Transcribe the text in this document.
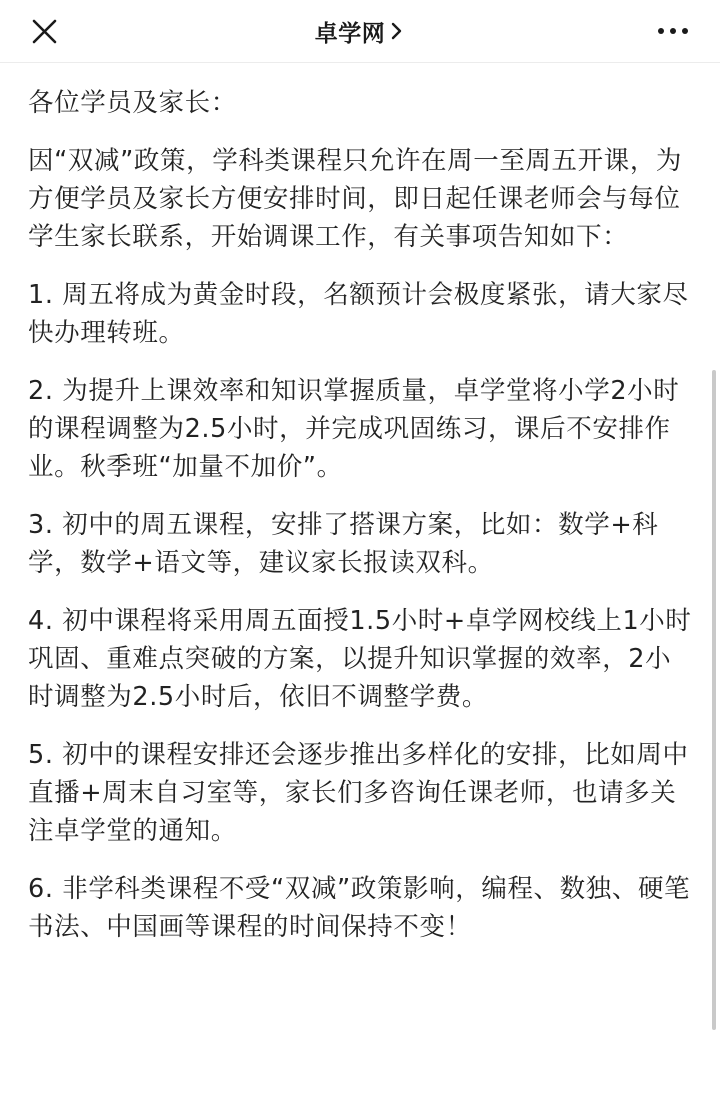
卓学网

各位学员及家长：

因“双减”政策，学科类课程只允许在周一至周五开课，为方便学员及家长方便安排时间，即日起任课老师会与每位学生家长联系，开始调课工作，有关事项告知如下：

1. 周五将成为黄金时段，名额预计会极度紧张，请大家尽快办理转班。

2. 为提升上课效率和知识掌握质量，卓学堂将小学2小时的课程调整为2.5小时，并完成巩固练习，课后不安排作业。秋季班“加量不加价”。

3. 初中的周五课程，安排了搭课方案，比如：数学+科学，数学+语文等，建议家长报读双科。

4. 初中课程将采用周五面授1.5小时+卓学网校线上1小时巩固、重难点突破的方案，以提升知识掌握的效率，2小时调整为2.5小时后，依旧不调整学费。

5. 初中的课程安排还会逐步推出多样化的安排，比如周中直播+周末自习室等，家长们多咨询任课老师，也请多关注卓学堂的通知。

6. 非学科类课程不受“双减”政策影响，编程、数独、硬笔书法、中国画等课程的时间保持不变！
